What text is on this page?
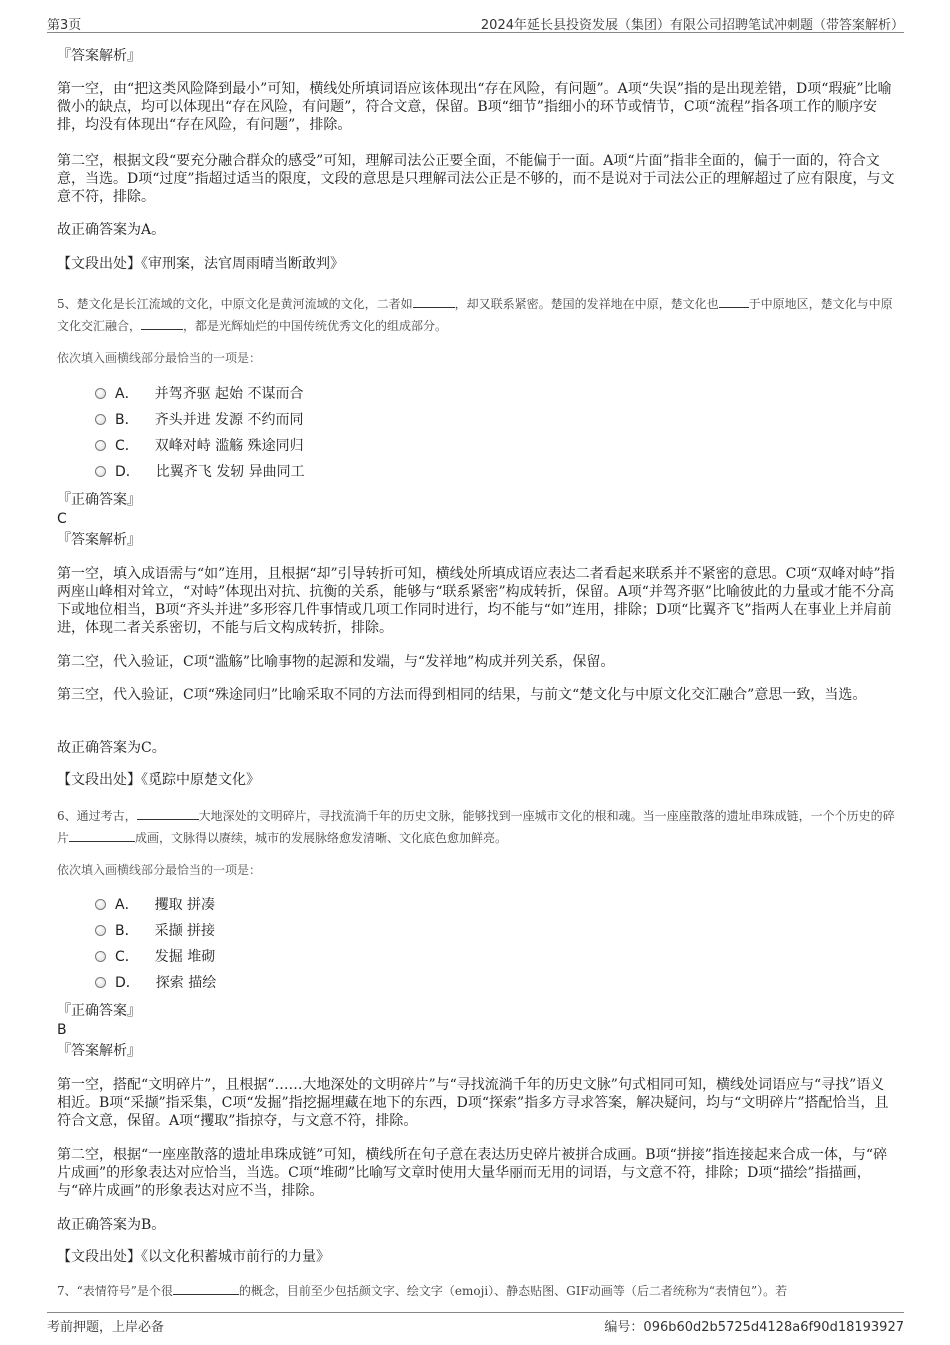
第3页	2024年延长县投资发展（集团）有限公司招聘笔试冲刺题（带答案解析）
『答案解析』
第一空，由“把这类风险降到最小”可知，横线处所填词语应该体现出“存在风险，有问题”。A项“失误”指的是出现差错，D项“瑕疵”比喻微小的缺点，均可以体现出“存在风险，有问题”，符合文意，保留。B项“细节”指细小的环节或情节，C项“流程”指各项工作的顺序安排，均没有体现出“存在风险，有问题”，排除。
第二空，根据文段“要充分融合群众的感受”可知，理解司法公正要全面，不能偏于一面。A项“片面”指非全面的，偏于一面的，符合文意，当选。D项“过度”指超过适当的限度，文段的意思是只理解司法公正是不够的，而不是说对于司法公正的理解超过了应有限度，与文意不符，排除。
故正确答案为A。
【文段出处】《审刑案，法官周雨晴当断敢判》
5、楚文化是长江流域的文化，中原文化是黄河流域的文化，二者如	，却又联系紧密。楚国的发祥地在中原，楚文化也	于中原地区，楚文化与中原文化交汇融合，	，都是光辉灿烂的中国传统优秀文化的组成部分。
依次填入画横线部分最恰当的一项是：
A． 并驾齐驱 起始 不谋而合
B． 齐头并进 发源 不约而同
C． 双峰对峙 滥觞 殊途同归
D． 比翼齐飞 发轫 异曲同工
『正确答案』
C
『答案解析』
第一空，填入成语需与“如”连用，且根据“却”引导转折可知，横线处所填成语应表达二者看起来联系并不紧密的意思。C项“双峰对峙”指两座山峰相对耸立，“对峙”体现出对抗、抗衡的关系，能够与“联系紧密”构成转折，保留。A项“并驾齐驱”比喻彼此的力量或才能不分高下或地位相当，B项“齐头并进”多形容几件事情或几项工作同时进行，均不能与“如”连用，排除；D项“比翼齐飞”指两人在事业上并肩前进，体现二者关系密切，不能与后文构成转折，排除。
第二空，代入验证，C项“滥觞”比喻事物的起源和发端，与“发祥地”构成并列关系，保留。
第三空，代入验证，C项“殊途同归”比喻采取不同的方法而得到相同的结果，与前文“楚文化与中原文化交汇融合”意思一致，当选。
故正确答案为C。
【文段出处】《觅踪中原楚文化》
6、通过考古，	大地深处的文明碎片，寻找流淌千年的历史文脉，能够找到一座城市文化的根和魂。当一座座散落的遗址串珠成链，一个个历史的碎片	成画，文脉得以赓续，城市的发展脉络愈发清晰、文化底色愈加鲜亮。
依次填入画横线部分最恰当的一项是：
A． 攫取 拼凑
B． 采撷 拼接
C． 发掘 堆砌
D． 探索 描绘
『正确答案』
B
『答案解析』
第一空，搭配“文明碎片”，且根据“……大地深处的文明碎片”与“寻找流淌千年的历史文脉”句式相同可知，横线处词语应与“寻找”语义相近。B项“采撷”指采集，C项“发掘”指挖掘埋藏在地下的东西，D项“探索”指多方寻求答案，解决疑问，均与“文明碎片”搭配恰当，且符合文意，保留。A项“攫取”指掠夺，与文意不符，排除。
第二空，根据“一座座散落的遗址串珠成链”可知，横线所在句子意在表达历史碎片被拼合成画。B项“拼接”指连接起来合成一体，与“碎片成画”的形象表达对应恰当，当选。C项“堆砌”比喻写文章时使用大量华丽而无用的词语，与文意不符，排除；D项“描绘”指描画，与“碎片成画”的形象表达对应不当，排除。
故正确答案为B。
【文段出处】《以文化积蓄城市前行的力量》
7、“表情符号”是个很	的概念，目前至少包括颜文字、绘文字（emoji）、静态贴图、GIF动画等（后二者统称为“表情包”）。若
考前押题，上岸必备	编号：096b60d2b5725d4128a6f90d18193927
